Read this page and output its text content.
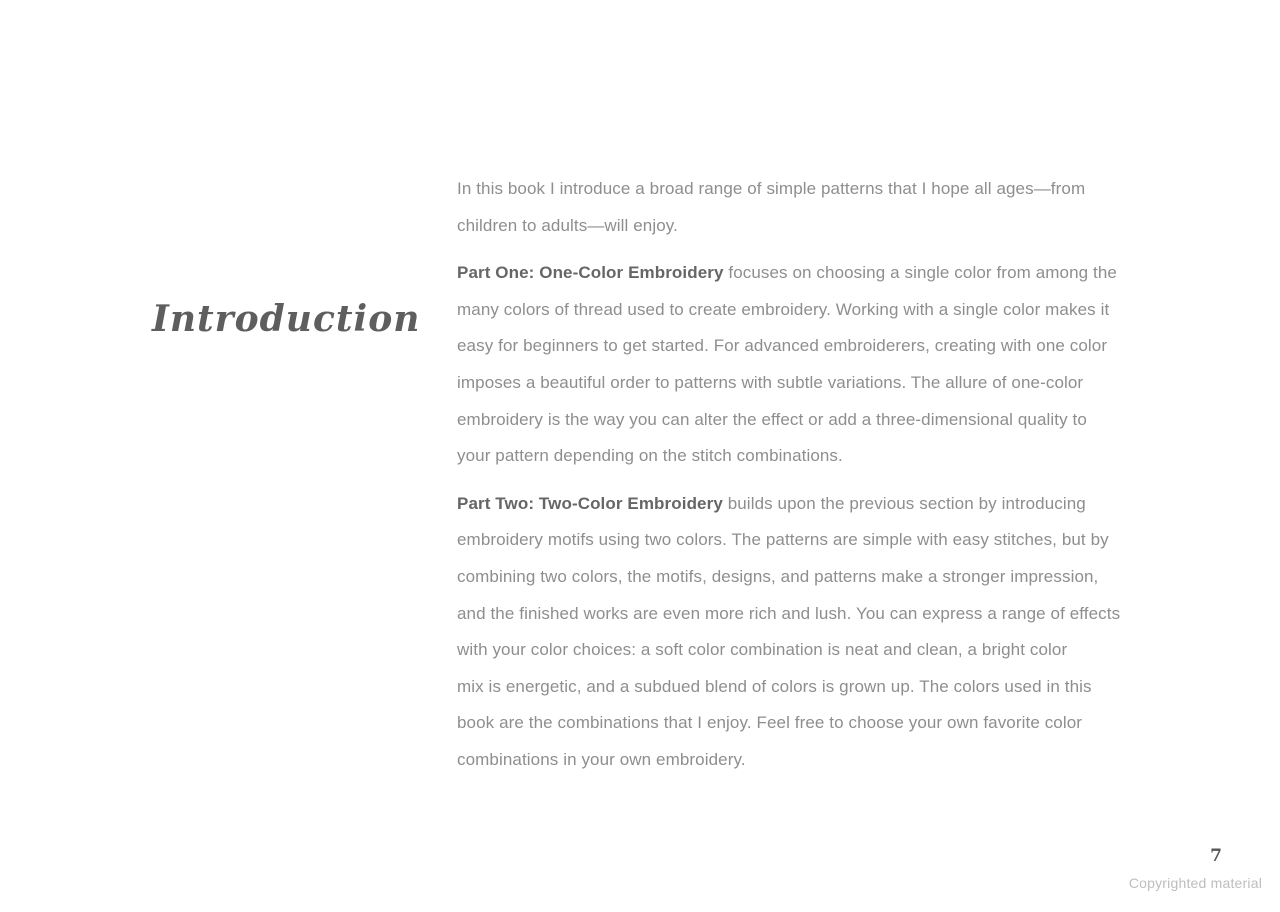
Introduction
In this book I introduce a broad range of simple patterns that I hope all ages—from
children to adults—will enjoy.
Part One: One-Color Embroidery focuses on choosing a single color from among the
many colors of thread used to create embroidery. Working with a single color makes it
easy for beginners to get started. For advanced embroiderers, creating with one color
imposes a beautiful order to patterns with subtle variations. The allure of one-color
embroidery is the way you can alter the effect or add a three-dimensional quality to
your pattern depending on the stitch combinations.
Part Two: Two-Color Embroidery builds upon the previous section by introducing
embroidery motifs using two colors. The patterns are simple with easy stitches, but by
combining two colors, the motifs, designs, and patterns make a stronger impression,
and the finished works are even more rich and lush. You can express a range of effects
with your color choices: a soft color combination is neat and clean, a bright color
mix is energetic, and a subdued blend of colors is grown up. The colors used in this
book are the combinations that I enjoy. Feel free to choose your own favorite color
combinations in your own embroidery.
7
Copyrighted material
